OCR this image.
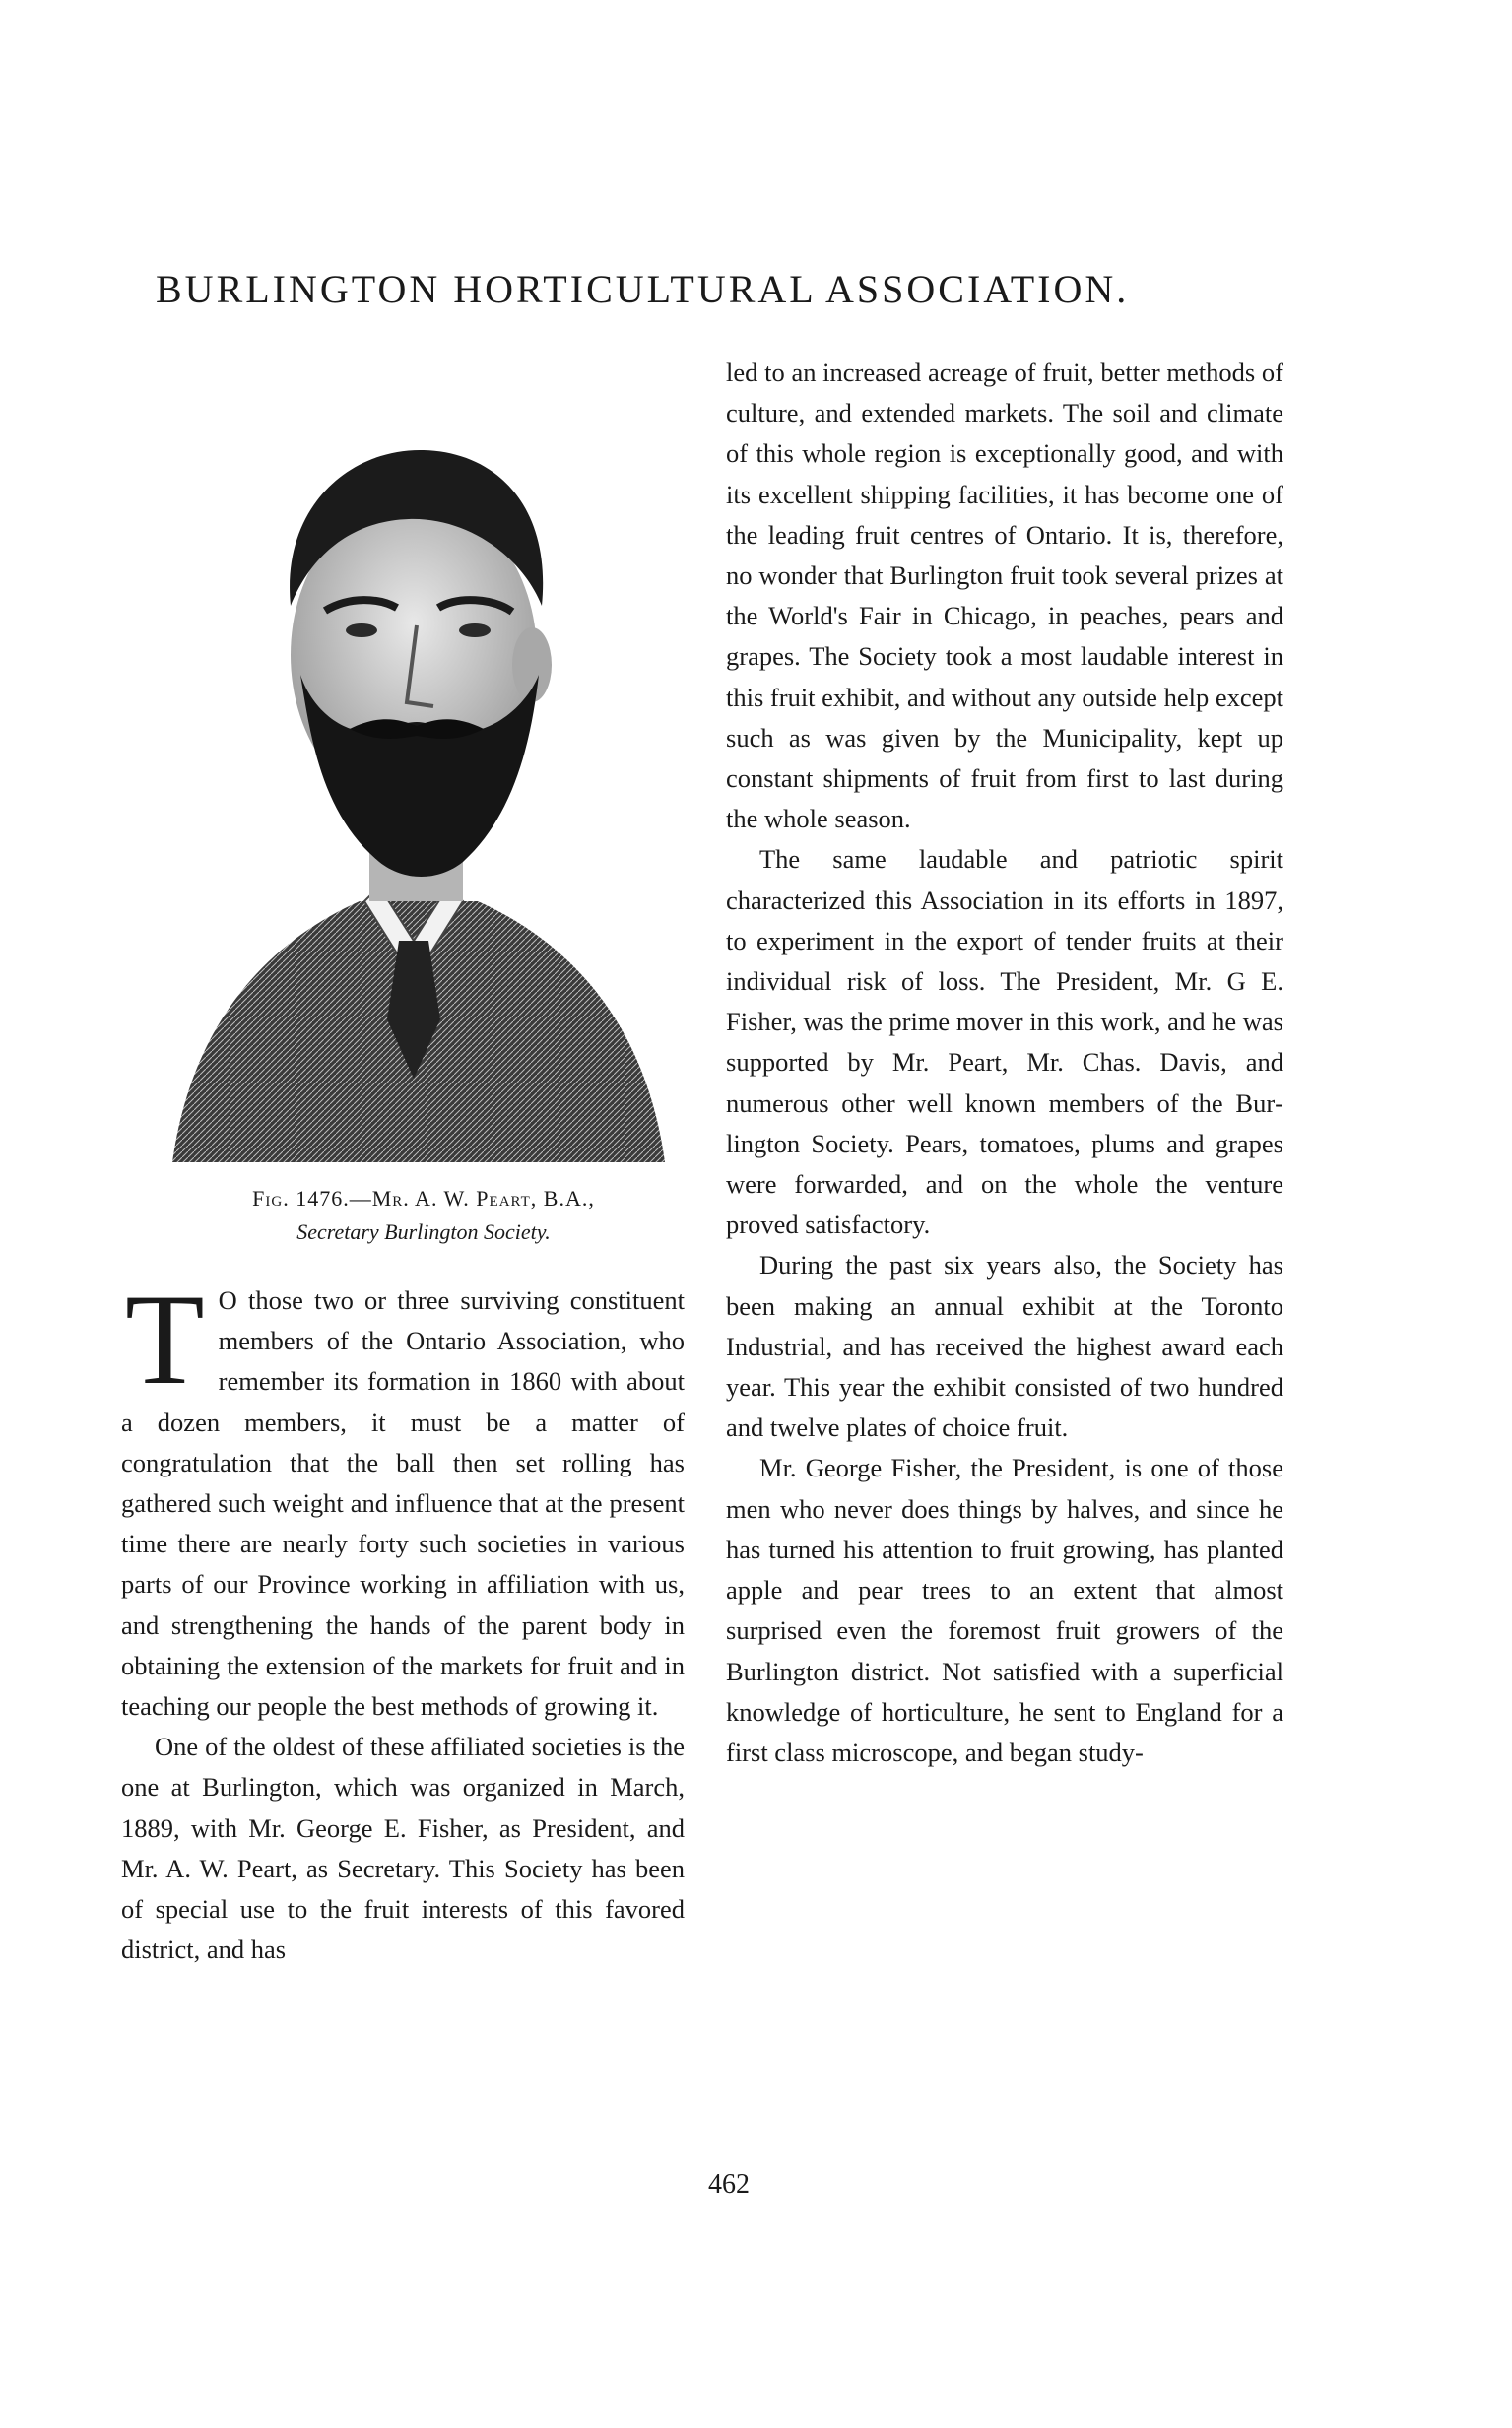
BURLINGTON HORTICULTURAL ASSOCIATION.
Fig. 1476.—Mr. A. W. Peart, B.A.,
Secretary Burlington Society.

T O those two or three surviving constituent members of the Ontario Association, who remember its formation in 1860 with about a dozen members, it must be a matter of congratulation that the ball then set rolling has gathered such weight and influence that at the present time there are nearly forty such societies in various parts of our Province working in affiliation with us, and strengthening the hands of the parent body in obtaining the extension of the markets for fruit and in teaching our people the best methods of growing it.

One of the oldest of these affiliated societies is the one at Burlington, which was organized in March, 1889, with Mr. George E. Fisher, as President, and Mr. A. W. Peart, as Secretary. This Society has been of special use to the fruit interests of this favored district, and has

led to an increased acreage of fruit, better methods of culture, and extended markets. The soil and climate of this whole region is exceptionally good, and with its excellent shipping facilities, it has become one of the leading fruit centres of Ontario. It is, therefore, no wonder that Burlington fruit took several prizes at the World's Fair in Chicago, in peaches, pears and grapes. The Society took a most laudable interest in this fruit exhibit, and without any outside help except such as was given by the Municipality, kept up constant shipments of fruit from first to last during the whole season.

The same laudable and patriotic spirit characterized this Association in its efforts in 1897, to experiment in the export of tender fruits at their individual risk of loss. The President, Mr. G E. Fisher, was the prime mover in this work, and he was supported by Mr. Peart, Mr. Chas. Davis, and numerous other well known members of the Burlington Society. Pears, tomatoes, plums and grapes were forwarded, and on the whole the venture proved satisfactory.

During the past six years also, the Society has been making an annual exhibit at the Toronto Industrial, and has received the highest award each year. This year the exhibit consisted of two hundred and twelve plates of choice fruit.

Mr. George Fisher, the President, is one of those men who never does things by halves, and since he has turned his attention to fruit growing, has planted apple and pear trees to an extent that almost surprised even the foremost fruit growers of the Burlington district. Not satisfied with a superficial knowledge of horticulture, he sent to England for a first class microscope, and began study-

462
